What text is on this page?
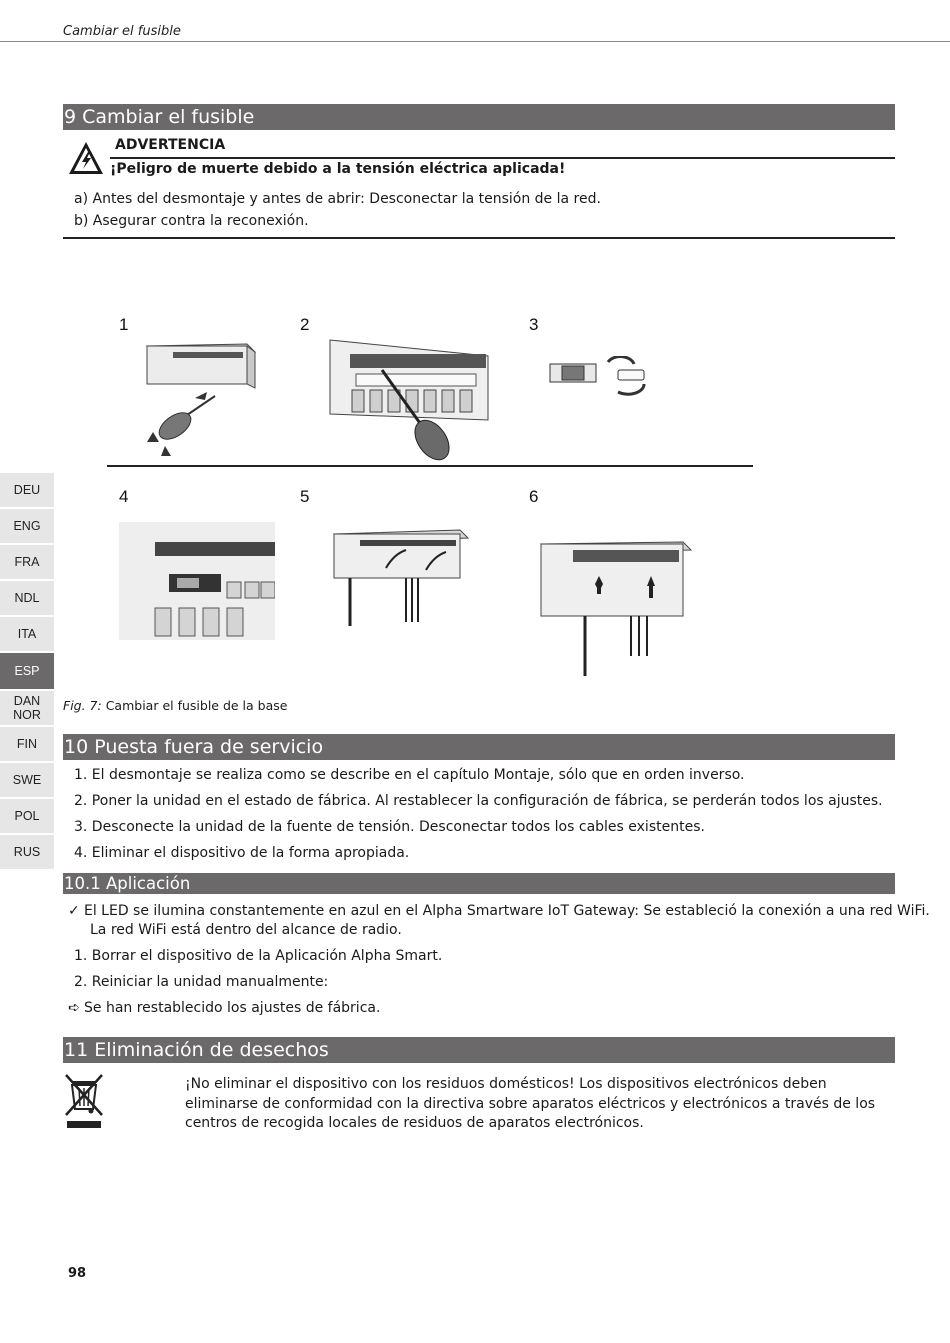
Cambiar el fusible
DEU
ENG
FRA
NDL
ITA
ESP
DAN
NOR
FIN
SWE
POL
RUS
9 Cambiar el fusible
ADVERTENCIA
¡Peligro de muerte debido a la tensión eléctrica aplicada!
a) Antes del desmontaje y antes de abrir: Desconectar la tensión de la red.
b) Asegurar contra la reconexión.
1	2	3
4	5	6
Fig. 7: Cambiar el fusible de la base
10 Puesta fuera de servicio
1. El desmontaje se realiza como se describe en el capítulo Montaje, sólo que en orden inverso.
2. Poner la unidad en el estado de fábrica. Al restablecer la configuración de fábrica, se perderán todos los ajustes.
3. Desconecte la unidad de la fuente de tensión. Desconectar todos los cables existentes.
4. Eliminar el dispositivo de la forma apropiada.
10.1 Aplicación
✓ El LED se ilumina constantemente en azul en el Alpha Smartware IoT Gateway: Se estableció la conexión a una red WiFi.
La red WiFi está dentro del alcance de radio.
1. Borrar el dispositivo de la Aplicación Alpha Smart.
2. Reiniciar la unidad manualmente:
➪ Se han restablecido los ajustes de fábrica.
11 Eliminación de desechos
¡No eliminar el dispositivo con los residuos domésticos! Los dispositivos electrónicos deben eliminarse de conformidad con la directiva sobre aparatos eléctricos y electrónicos a través de los centros de recogida locales de residuos de aparatos electrónicos.
98
